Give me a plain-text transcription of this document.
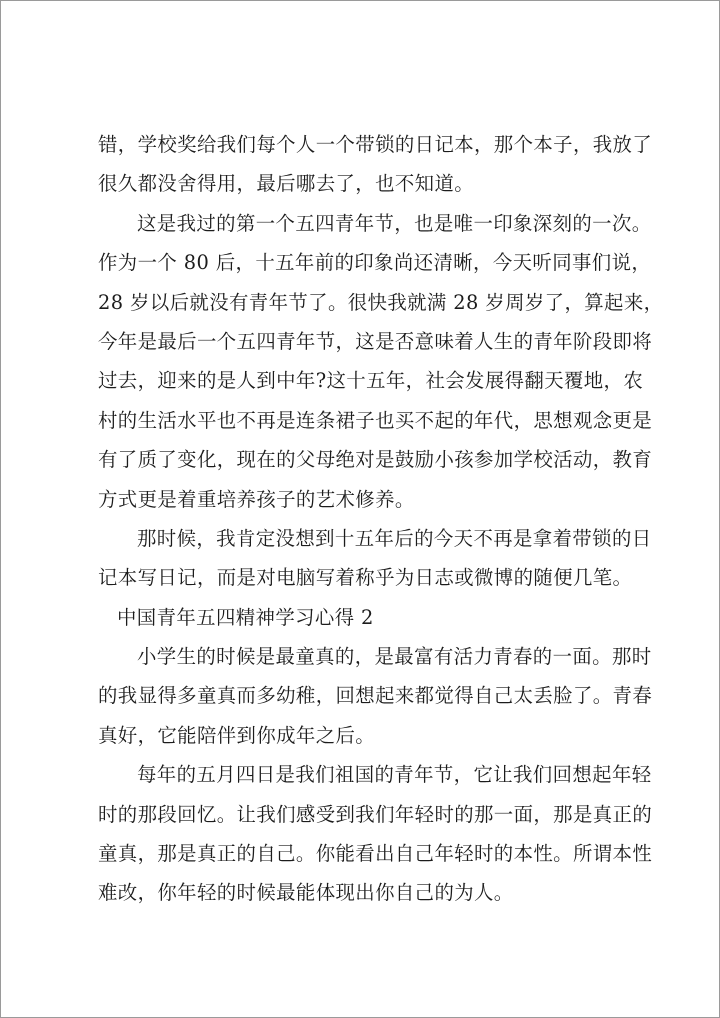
错，学校奖给我们每个人一个带锁的日记本，那个本子，我放了
很久都没舍得用，最后哪去了，也不知道。
这是我过的第一个五四青年节，也是唯一印象深刻的一次。
作为一个 80 后，十五年前的印象尚还清晰，今天听同事们说，
28 岁以后就没有青年节了。很快我就满 28 岁周岁了，算起来，
今年是最后一个五四青年节，这是否意味着人生的青年阶段即将
过去，迎来的是人到中年?这十五年，社会发展得翻天覆地，农
村的生活水平也不再是连条裙子也买不起的年代，思想观念更是
有了质了变化，现在的父母绝对是鼓励小孩参加学校活动，教育
方式更是着重培养孩子的艺术修养。
那时候，我肯定没想到十五年后的今天不再是拿着带锁的日
记本写日记，而是对电脑写着称乎为日志或微博的随便几笔。
中国青年五四精神学习心得 2
小学生的时候是最童真的，是最富有活力青春的一面。那时
的我显得多童真而多幼稚，回想起来都觉得自己太丢脸了。青春
真好，它能陪伴到你成年之后。
每年的五月四日是我们祖国的青年节，它让我们回想起年轻
时的那段回忆。让我们感受到我们年轻时的那一面，那是真正的
童真，那是真正的自己。你能看出自己年轻时的本性。所谓本性
难改，你年轻的时候最能体现出你自己的为人。
